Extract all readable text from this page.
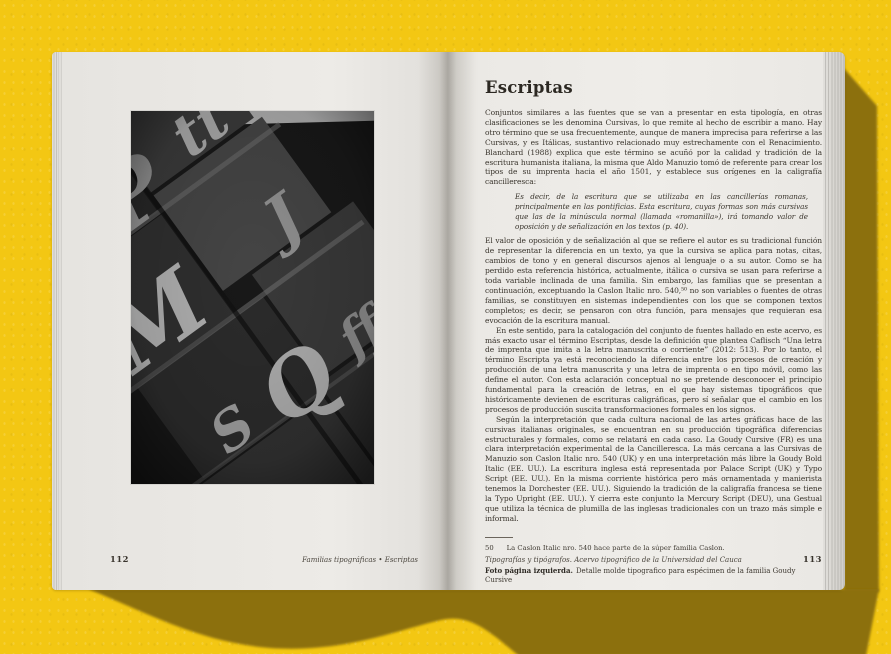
112	Familias tipográficas • Escriptas
Escriptas

Conjuntos similares a las fuentes que se van a presentar en esta tipología, en otras clasificaciones se les denomina Cursivas, lo que remite al hecho de escribir a mano. Hay otro término que se usa frecuentemente, aunque de manera imprecisa para referirse a las Cursivas, y es Itálicas, sustantivo relacionado muy estrechamente con el Renacimiento. Blanchard (1988) explica que este término se acuñó por la calidad y tradición de la escritura humanista italiana, la misma que Aldo Manuzio tomó de referente para crear los tipos de su imprenta hacia el año 1501, y establece sus orígenes en la caligrafía cancilleresca:

Es decir, de la escritura que se utilizaba en las cancillerías romanas, principalmente en las pontificias. Esta escritura, cuyas formas son más cursivas que las de la minúscula normal (llamada «romanilla»), irá tomando valor de oposición y de señalización en los textos (p. 40).

El valor de oposición y de señalización al que se refiere el autor es su tradicional función de representar la diferencia en un texto, ya que la cursiva se aplica para notas, citas, cambios de tono y en general discursos ajenos al lenguaje o a su autor. Como se ha perdido esta referencia histórica, actualmente, itálica o cursiva se usan para referirse a toda variable inclinada de una familia. Sin embargo, las familias que se presentan a continuación, exceptuando la Caslon Italic nro. 540,⁵⁰ no son variables o fuentes de otras familias, se constituyen en sistemas independientes con los que se componen textos completos; es decir, se pensaron con otra función, para mensajes que requieran esa evocación de la escritura manual.

En este sentido, para la catalogación del conjunto de fuentes hallado en este acervo, es más exacto usar el término Escriptas, desde la definición que plantea Caflisch “Una letra de imprenta que imita a la letra manuscrita o corriente” (2012: 513). Por lo tanto, el término Escripta ya está reconociendo la diferencia entre los procesos de creación y producción de una letra manuscrita y una letra de imprenta o en tipo móvil, como las define el autor. Con esta aclaración conceptual no se pretende desconocer el principio fundamental para la creación de letras, en el que hay sistemas tipográficos que históricamente devienen de escrituras caligráficas, pero sí señalar que el cambio en los procesos de producción suscita transformaciones formales en los signos.

Según la interpretación que cada cultura nacional de las artes gráficas hace de las cursivas italianas originales, se encuentran en su producción tipográfica diferencias estructurales y formales, como se relatará en cada caso. La Goudy Cursive (FR) es una clara interpretación experimental de la Cancilleresca. La más cercana a las Cursivas de Manuzio son Caslon Italic nro. 540 (UK) y en una interpretación más libre la Goudy Bold Italic (EE. UU.). La escritura inglesa está representada por Palace Script (UK) y Typo Script (EE. UU.). En la misma corriente histórica pero más ornamentada y manierista tenemos la Dorchester (EE. UU.). Siguiendo la tradición de la caligrafía francesa se tiene la Typo Upright (EE. UU.). Y cierra este conjunto la Mercury Script (DEU), una Gestual que utiliza la técnica de plumilla de las inglesas tradicionales con un trazo más simple e informal.

50 La Caslon Italic nro. 540 hace parte de la súper familia Caslon.

Foto página izquierda. Detalle molde tipografico para espécimen de la familia Goudy Cursive

Tipografías y tipógrafos. Acervo tipográfico de la Universidad del Cauca	113
